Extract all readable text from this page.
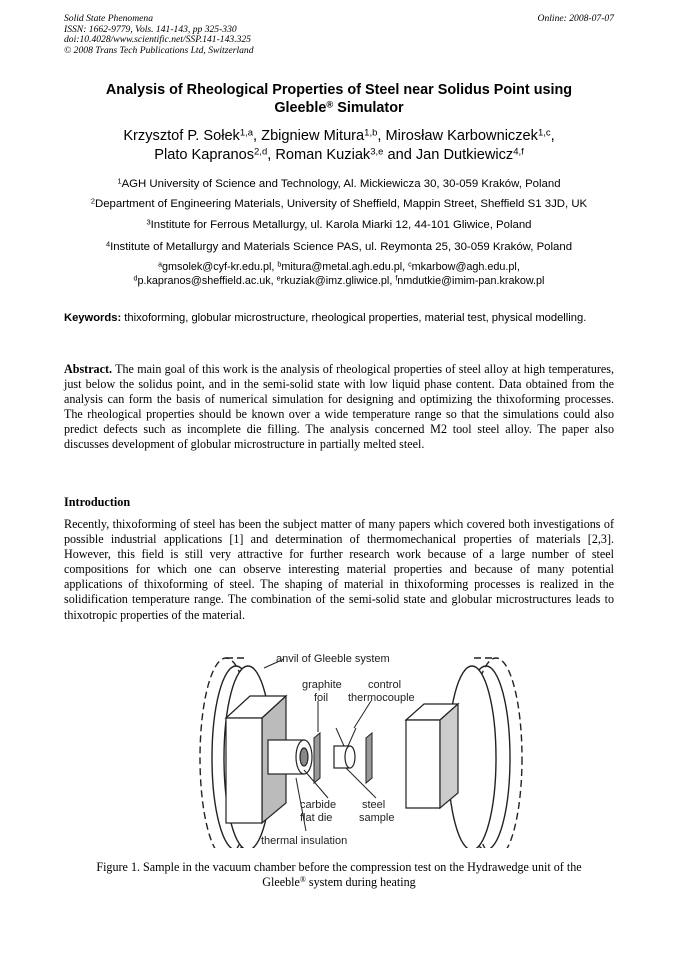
Solid State Phenomena
ISSN: 1662-9779, Vols. 141-143, pp 325-330
doi:10.4028/www.scientific.net/SSP.141-143.325
© 2008 Trans Tech Publications Ltd, Switzerland
Online: 2008-07-07
Analysis of Rheological Properties of Steel near Solidus Point using
Gleeble® Simulator
Krzysztof P. Sołek$^{1,a}$, Zbigniew Mitura$^{1,b}$, Mirosław Karbowniczek$^{1,c}$,
Plato Kapranos$^{2,d}$, Roman Kuziak$^{3,e}$ and Jan Dutkiewicz$^{4,f}$
$^1$AGH University of Science and Technology, Al. Mickiewicza 30, 30-059 Kraków, Poland
$^2$Department of Engineering Materials, University of Sheffield, Mappin Street, Sheffield S1 3JD, UK
$^3$Institute for Ferrous Metallurgy, ul. Karola Miarki 12, 44-101 Gliwice, Poland
$^4$Institute of Metallurgy and Materials Science PAS, ul. Reymonta 25, 30-059 Kraków, Poland
$^a$gmsolek@cyf-kr.edu.pl, $^b$mitura@metal.agh.edu.pl, $^c$mkarbow@agh.edu.pl,
$^d$p.kapranos@sheffield.ac.uk, $^e$rkuziak@imz.gliwice.pl, $^f$nmdutkie@imim-pan.krakow.pl
Keywords: thixoforming, globular microstructure, rheological properties, material test, physical modelling.
Abstract. The main goal of this work is the analysis of rheological properties of steel alloy at high temperatures, just below the solidus point, and in the semi-solid state with low liquid phase content. Data obtained from the analysis can form the basis of numerical simulation for designing and optimizing the thixoforming processes. The rheological properties should be known over a wide temperature range so that the simulations could also predict defects such as incomplete die filling. The analysis concerned M2 tool steel alloy. The paper also discusses development of globular microstructure in partially melted steel.
Introduction
Recently, thixoforming of steel has been the subject matter of many papers which covered both investigations of possible industrial applications [1] and determination of thermomechanical properties of materials [2,3]. However, this field is still very attractive for further research work because of a large number of steel compositions for which one can observe interesting material properties and because of many potential applications of thixoforming of steel. The shaping of material in thixoforming processes is realized in the solidification temperature range. The combination of the semi-solid state and globular microstructures leads to thixotropic properties of the material.
anvil of Gleeble system
graphite
foil
control
thermocouple
carbide
flat die
steel
sample
thermal insulation
Figure 1. Sample in the vacuum chamber before the compression test on the Hydrawedge unit of the
Gleeble® system during heating
